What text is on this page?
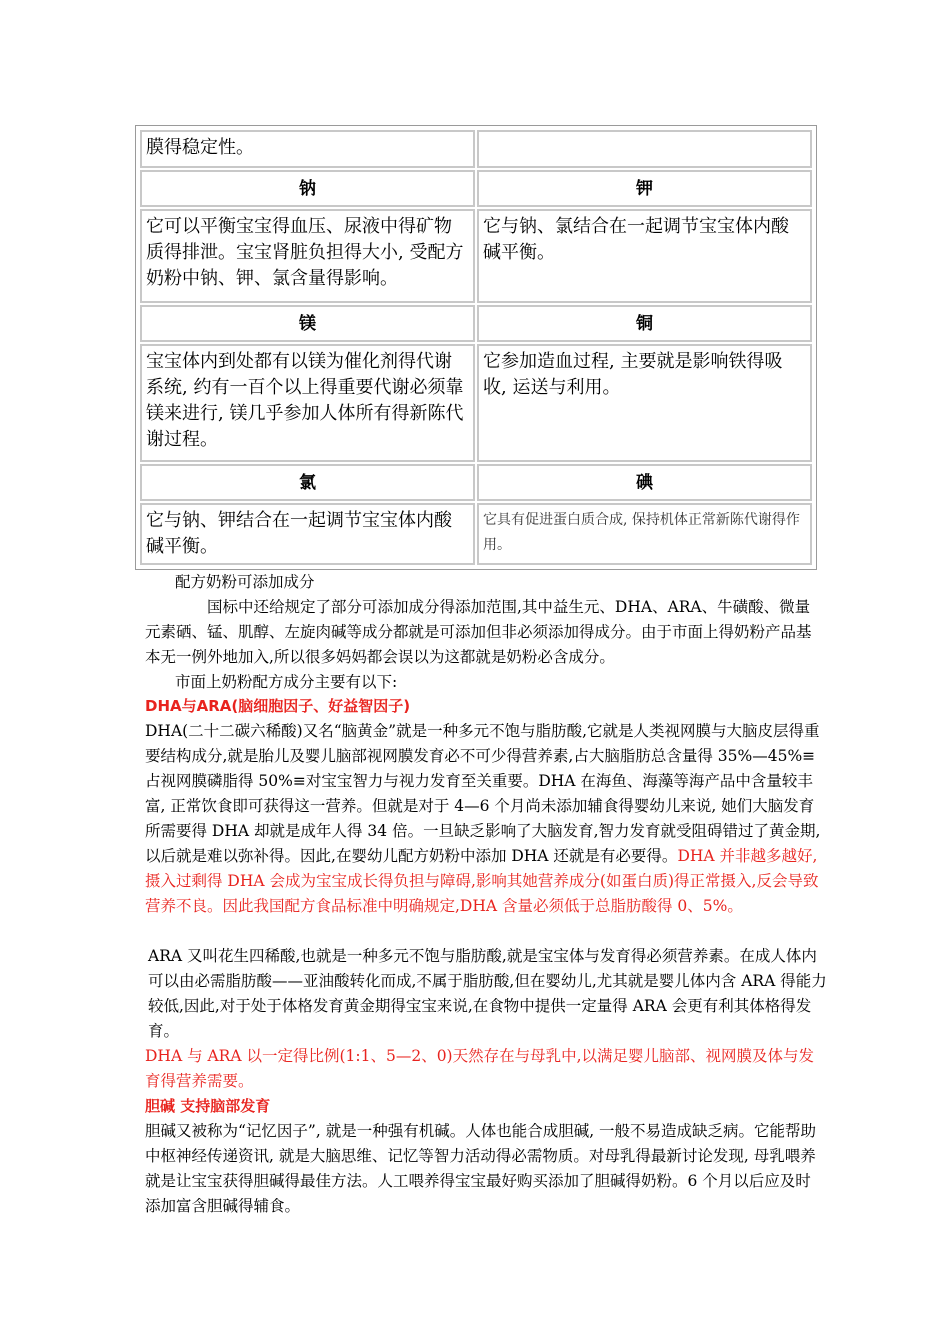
膜得稳定性。	
钠	钾
它可以平衡宝宝得血压、尿液中得矿物质得排泄。宝宝肾脏负担得大小, 受配方奶粉中钠、钾、氯含量得影响。	它与钠、氯结合在一起调节宝宝体内酸碱平衡。
镁	铜
宝宝体内到处都有以镁为催化剂得代谢系统, 约有一百个以上得重要代谢必须靠镁来进行, 镁几乎参加人体所有得新陈代谢过程。	它参加造血过程, 主要就是影响铁得吸收, 运送与利用。
氯	碘
它与钠、钾结合在一起调节宝宝体内酸碱平衡。	它具有促进蛋白质合成, 保持机体正常新陈代谢得作用。

配方奶粉可添加成分

国标中还给规定了部分可添加成分得添加范围,其中益生元、DHA、ARA、牛磺酸、微量元素硒、锰、肌醇、左旋肉碱等成分都就是可添加但非必须添加得成分。由于市面上得奶粉产品基本无一例外地加入,所以很多妈妈都会误以为这都就是奶粉必含成分。

市面上奶粉配方成分主要有以下:

DHA与ARA(脑细胞因子、好益智因子)

DHA(二十二碳六稀酸)又名“脑黄金”就是一种多元不饱与脂肪酸,它就是人类视网膜与大脑皮层得重要结构成分,就是胎儿及婴儿脑部视网膜发育必不可少得营养素,占大脑脂肪总含量得 35%—45%≡占视网膜磷脂得 50%≡对宝宝智力与视力发育至关重要。DHA 在海鱼、海藻等海产品中含量较丰富, 正常饮食即可获得这一营养。但就是对于 4—6 个月尚未添加辅食得婴幼儿来说, 她们大脑发育所需要得 DHA 却就是成年人得 34 倍。一旦缺乏影响了大脑发育,智力发育就受阻碍错过了黄金期,以后就是难以弥补得。因此,在婴幼儿配方奶粉中添加 DHA 还就是有必要得。DHA 并非越多越好,摄入过剩得 DHA 会成为宝宝成长得负担与障碍,影响其她营养成分(如蛋白质)得正常摄入,反会导致营养不良。因此我国配方食品标准中明确规定,DHA 含量必须低于总脂肪酸得 0、5%。

ARA 又叫花生四稀酸,也就是一种多元不饱与脂肪酸,就是宝宝体与发育得必须营养素。在成人体内可以由必需脂肪酸——亚油酸转化而成,不属于脂肪酸,但在婴幼儿,尤其就是婴儿体内含 ARA 得能力较低,因此,对于处于体格发育黄金期得宝宝来说,在食物中提供一定量得 ARA 会更有利其体格得发育。

DHA 与 ARA 以一定得比例(1:1、5—2、0)天然存在与母乳中,以满足婴儿脑部、视网膜及体与发育得营养需要。

胆碱 支持脑部发育

胆碱又被称为“记忆因子”, 就是一种强有机碱。人体也能合成胆碱, 一般不易造成缺乏病。它能帮助中枢神经传递资讯, 就是大脑思维、记忆等智力活动得必需物质。对母乳得最新讨论发现, 母乳喂养就是让宝宝获得胆碱得最佳方法。人工喂养得宝宝最好购买添加了胆碱得奶粉。6 个月以后应及时添加富含胆碱得辅食。
